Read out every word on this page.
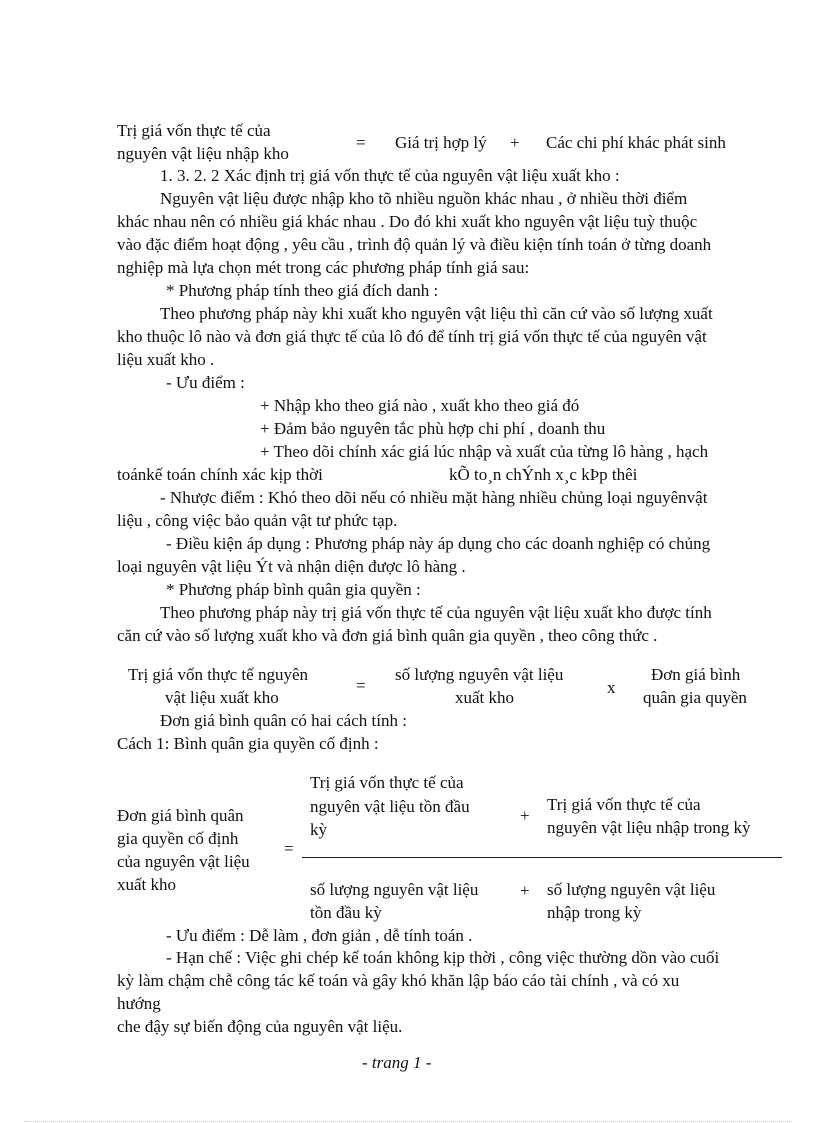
Trị giá vốn thực tế của
nguyên vật liệu nhập kho
= Giá trị hợp lý + Các chi phí khác phát sinh
1. 3. 2. 2 Xác định trị giá vốn thực tế của nguyên vật liệu xuất kho :
Nguyên vật liệu được nhập kho tõ nhiều nguồn khác nhau , ở nhiều thời điểm
khác nhau nên có nhiều giá khác nhau . Do đó khi xuất kho nguyên vật liệu tuỳ thuộc
vào đặc điểm hoạt động , yêu cầu , trình độ quản lý và điều kiện tính toán ở từng doanh
nghiệp mà lựa chọn mét trong các phương pháp tính giá sau:
* Phương pháp tính theo giá đích danh :
Theo phương pháp này khi xuất kho nguyên vật liệu thì căn cứ vào số lượng xuất
kho thuộc lô nào và đơn giá thực tế của lô đó để tính trị giá vốn thực tế của nguyên vật
liệu xuất kho .
- Ưu điểm :
+ Nhập kho theo giá nào , xuất kho theo giá đó
+ Đảm bảo nguyên tắc phù hợp chi phí , doanh thu
+ Theo dõi chính xác giá lúc nhập và xuất của từng lô hàng , hạch
toánkế toán chính xác kịp thời	kÕ to¸n chÝnh x¸c kÞp thêi
- Nhược điểm : Khó theo dõi nếu có nhiều mặt hàng nhiều chủng loại nguyênvật
liệu , công việc bảo quản vật tư phức tạp.
- Điều kiện áp dụng : Phương pháp này áp dụng cho các doanh nghiệp có chủng
loại nguyên vật liệu Ýt và nhận diện được lô hàng .
* Phương pháp bình quân gia quyền :
Theo phương pháp này trị giá vốn thực tế của nguyên vật liệu xuất kho được tính
căn cứ vào số lượng xuất kho và đơn giá bình quân gia quyền , theo công thức .
Trị giá vốn thực tế nguyên
vật liệu xuất kho
=
số lượng nguyên vật liệu
xuất kho
x
Đơn giá bình
quân gia quyền
Đơn giá bình quân có hai cách tính :
Cách 1: Bình quân gia quyền cố định :
Trị giá vốn thực tế của
nguyên vật liệu tồn đầu
kỳ
+
Trị giá vốn thực tế của
nguyên vật liệu nhập trong kỳ
Đơn giá bình quân
gia quyền cố định
của nguyên vật liệu
xuất kho
=
số lượng nguyên vật liệu
tồn đầu kỳ
+ số lượng nguyên vật liệu
nhập trong kỳ
- Ưu điểm : Dễ làm , đơn giản , dễ tính toán .
- Hạn chế : Việc ghi chép kế toán không kịp thời , công việc thường dồn vào cuối
kỳ làm chậm chễ công tác kế toán và gây khó khăn lập báo cáo tài chính , và có xu
hướng
che đậy sự biến động của nguyên vật liệu.
- trang 1 -
